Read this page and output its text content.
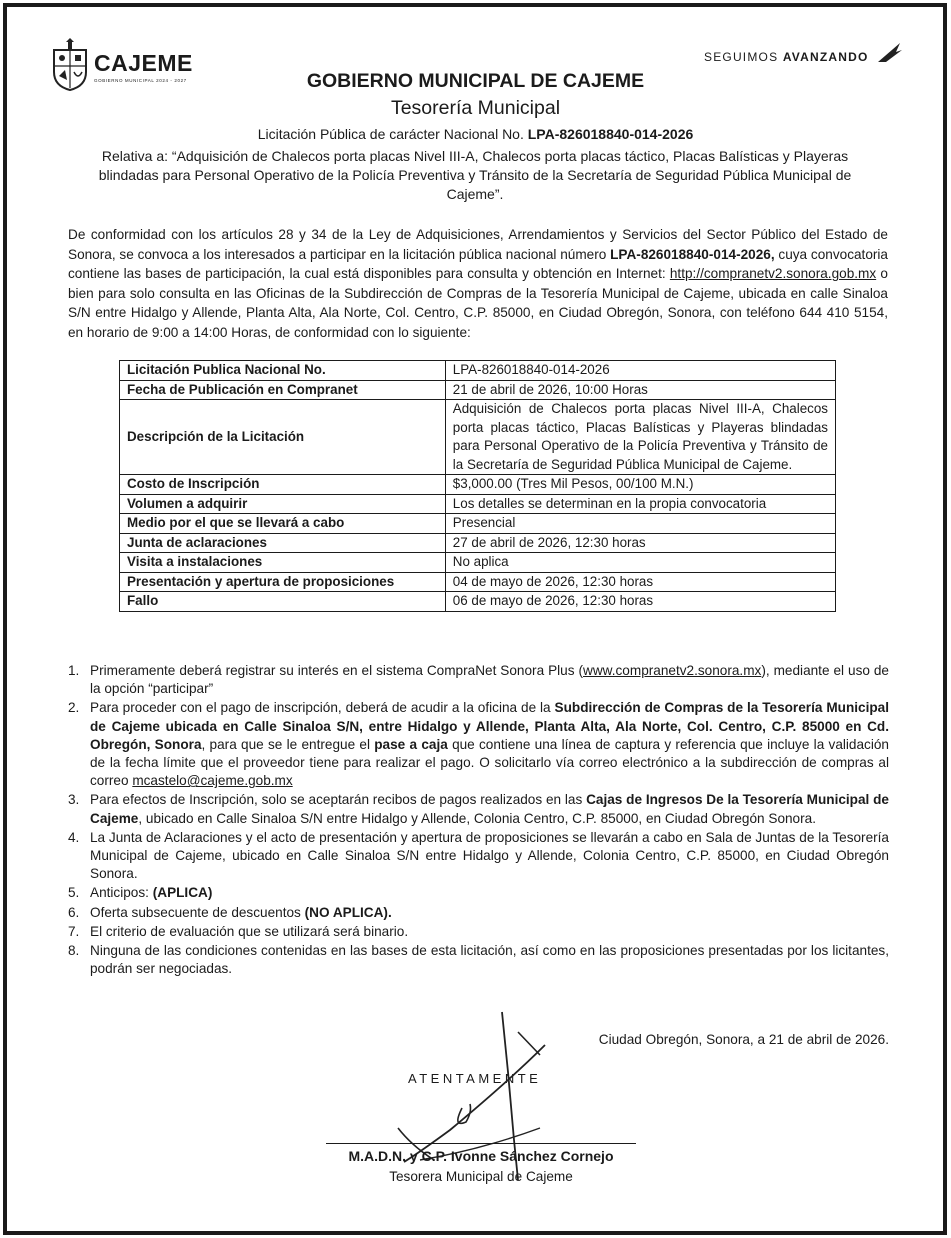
CAJEME
GOBIERNO MUNICIPAL 2024 - 2027
SEGUIMOS AVANZANDO
GOBIERNO MUNICIPAL DE CAJEME
Tesorería Municipal
Licitación Pública de carácter Nacional No. LPA-826018840-014-2026
Relativa a: “Adquisición de Chalecos porta placas Nivel III-A, Chalecos porta placas táctico, Placas Balísticas y Playeras blindadas para Personal Operativo de la Policía Preventiva y Tránsito de la Secretaría de Seguridad Pública Municipal de Cajeme”.
De conformidad con los artículos 28 y 34 de la Ley de Adquisiciones, Arrendamientos y Servicios del Sector Público del Estado de Sonora, se convoca a los interesados a participar en la licitación pública nacional número LPA-826018840-014-2026, cuya convocatoria contiene las bases de participación, la cual está disponibles para consulta y obtención en Internet: http://compranetv2.sonora.gob.mx o bien para solo consulta en las Oficinas de la Subdirección de Compras de la Tesorería Municipal de Cajeme, ubicada en calle Sinaloa S/N entre Hidalgo y Allende, Planta Alta, Ala Norte, Col. Centro, C.P. 85000, en Ciudad Obregón, Sonora, con teléfono 644 410 5154, en horario de 9:00 a 14:00 Horas, de conformidad con lo siguiente:
Licitación Publica Nacional No.	LPA-826018840-014-2026
Fecha de Publicación en Compranet	21 de abril de 2026, 10:00 Horas
Descripción de la Licitación	Adquisición de Chalecos porta placas Nivel III-A, Chalecos porta placas táctico, Placas Balísticas y Playeras blindadas para Personal Operativo de la Policía Preventiva y Tránsito de la Secretaría de Seguridad Pública Municipal de Cajeme.
Costo de Inscripción	$3,000.00 (Tres Mil Pesos, 00/100 M.N.)
Volumen a adquirir	Los detalles se determinan en la propia convocatoria
Medio por el que se llevará a cabo	Presencial
Junta de aclaraciones	27 de abril de 2026, 12:30 horas
Visita a instalaciones	No aplica
Presentación y apertura de proposiciones	04 de mayo de 2026, 12:30 horas
Fallo	06 de mayo de 2026, 12:30 horas
1. Primeramente deberá registrar su interés en el sistema CompraNet Sonora Plus (www.compranetv2.sonora.mx), mediante el uso de la opción “participar”
2. Para proceder con el pago de inscripción, deberá de acudir a la oficina de la Subdirección de Compras de la Tesorería Municipal de Cajeme ubicada en Calle Sinaloa S/N, entre Hidalgo y Allende, Planta Alta, Ala Norte, Col. Centro, C.P. 85000 en Cd. Obregón, Sonora, para que se le entregue el pase a caja que contiene una línea de captura y referencia que incluye la validación de la fecha límite que el proveedor tiene para realizar el pago. O solicitarlo vía correo electrónico a la subdirección de compras al correo mcastelo@cajeme.gob.mx
3. Para efectos de Inscripción, solo se aceptarán recibos de pagos realizados en las Cajas de Ingresos De la Tesorería Municipal de Cajeme, ubicado en Calle Sinaloa S/N entre Hidalgo y Allende, Colonia Centro, C.P. 85000, en Ciudad Obregón Sonora.
4. La Junta de Aclaraciones y el acto de presentación y apertura de proposiciones se llevarán a cabo en Sala de Juntas de la Tesorería Municipal de Cajeme, ubicado en Calle Sinaloa S/N entre Hidalgo y Allende, Colonia Centro, C.P. 85000, en Ciudad Obregón Sonora.
5. Anticipos: (APLICA)
6. Oferta subsecuente de descuentos (NO APLICA).
7. El criterio de evaluación que se utilizará será binario.
8. Ninguna de las condiciones contenidas en las bases de esta licitación, así como en las proposiciones presentadas por los licitantes, podrán ser negociadas.
Ciudad Obregón, Sonora, a 21 de abril de 2026.
ATENTAMENTE
M.A.D.N. y C.P. Ivonne Sánchez Cornejo
Tesorera Municipal de Cajeme
